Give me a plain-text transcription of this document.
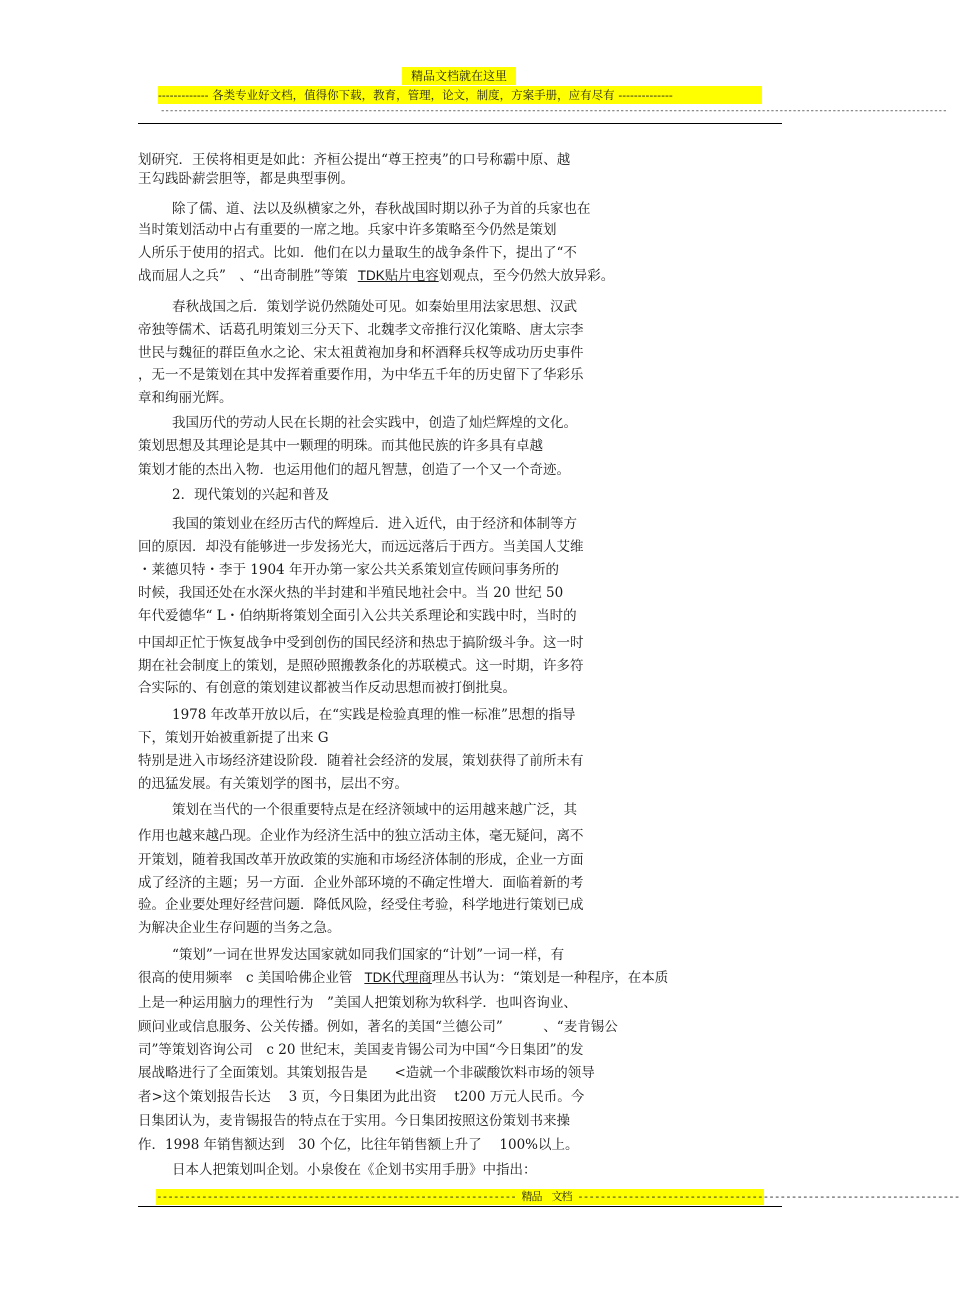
精品文档就在这里
------------- 各类专业好文档，值得你下载，教育，管理，论文，制度，方案手册，应有尽有 --------------
----------------------------------------------------------------------------------------------------------------------------------------------------------------------------------
划研究．王侯将相更是如此：齐桓公提出“尊王控夷”的口号称霸中原、越
王勾践卧薪尝胆等，都是典型事例。
除了儒、道、法以及纵横家之外，春秋战国时期以孙子为首的兵家也在
当时策划活动中占有重要的一席之地。兵家中许多策略至今仍然是策划
人所乐于使用的招式。比如．他们在以力量取生的战争条件下，提出了“不
战而屈人之兵”　、“出奇制胜”等策 TDK贴片电容划观点，至今仍然大放异彩。
春秋战国之后．策划学说仍然随处可见。如秦始里用法家思想、汉武
帝独等儒术、话葛孔明策划三分天下、北魏孝文帝推行汉化策略、唐太宗李
世民与魏征的群臣鱼水之论、宋太祖黄袍加身和杯酒释兵权等成功历史事件
，无一不是策划在其中发挥着重要作用，为中华五千年的历史留下了华彩乐
章和绚丽光辉。
我国历代的劳动人民在长期的社会实践中，创造了灿烂辉煌的文化。
策划思想及其理论是其中一颗理的明珠。而其他民族的许多具有卓越
策划才能的杰出入物．也运用他们的超凡智慧，创造了一个又一个奇迹。
2．现代策划的兴起和普及
我国的策划业在经历古代的辉煌后．进入近代，由于经济和体制等方
回的原因．却没有能够进一步发扬光大，而远远落后于西方。当美国人艾维
・莱德贝特・李于 1904 年开办第一家公共关系策划宣传顾问事务所的
时候，我国还处在水深火热的半封建和半殖民地社会中。当 20 世纪 50
年代爱德华“ L・伯纳斯将策划全面引入公共关系理论和实践中时，当时的
中国却正忙于恢复战争中受到创伤的国民经济和热忠于搞阶级斗争。这一时
期在社会制度上的策划，是照砂照搬教条化的苏联模式。这一时期，许多符
合实际的、有创意的策划建议都被当作反动思想而被打倒批臭。
1978 年改革开放以后，在“实践是检验真理的惟一标准”思想的指导
下，策划开始被重新提了出来 G
特别是进入市场经济建设阶段．随着社会经济的发展，策划获得了前所未有
的迅猛发展。有关策划学的图书，层出不穷。
策划在当代的一个很重要特点是在经济领域中的运用越来越广泛，其
作用也越来越凸现。企业作为经济生活中的独立活动主体，毫无疑问，离不
开策划，随着我国改革开放政策的实施和市场经济体制的形成，企业一方面
成了经济的主题；另一方面．企业外部环境的不确定性增大．面临着新的考
验。企业要处理好经营问题．降低风险，经受住考验，科学地进行策划已成
为解决企业生存问题的当务之急。
“策划”一词在世界发达国家就如同我们国家的“计划”一词一样，有
很高的使用频率　c 美国哈佛企业管 TDK代理商理丛书认为：“策划是一种程序，在本质
上是一种运用脑力的理性行为　”美国人把策划称为软科学．也叫咨询业、
顾问业或信息服务、公关传播。例如，著名的美国“兰德公司”　　　、“麦肯锡公
司”等策划咨询公司　c 20 世纪末，美国麦肯锡公司为中国“今日集团”的发
展战略进行了全面策划。其策划报告是　　<造就一个非碳酸饮料市场的领导
者>这个策划报告长达　 3 页，今日集团为此出资　 t200 万元人民币。今
日集团认为，麦肯锡报告的特点在于实用。今日集团按照这份策划书来操
作．1998 年销售额达到　30 个亿，比往年销售额上升了　 100%以上。
日本人把策划叫企划。小泉俊在《企划书实用手册》中指出：
---------------------------------------------------------------- 精品　文档 --------------------------------------------------------------------
